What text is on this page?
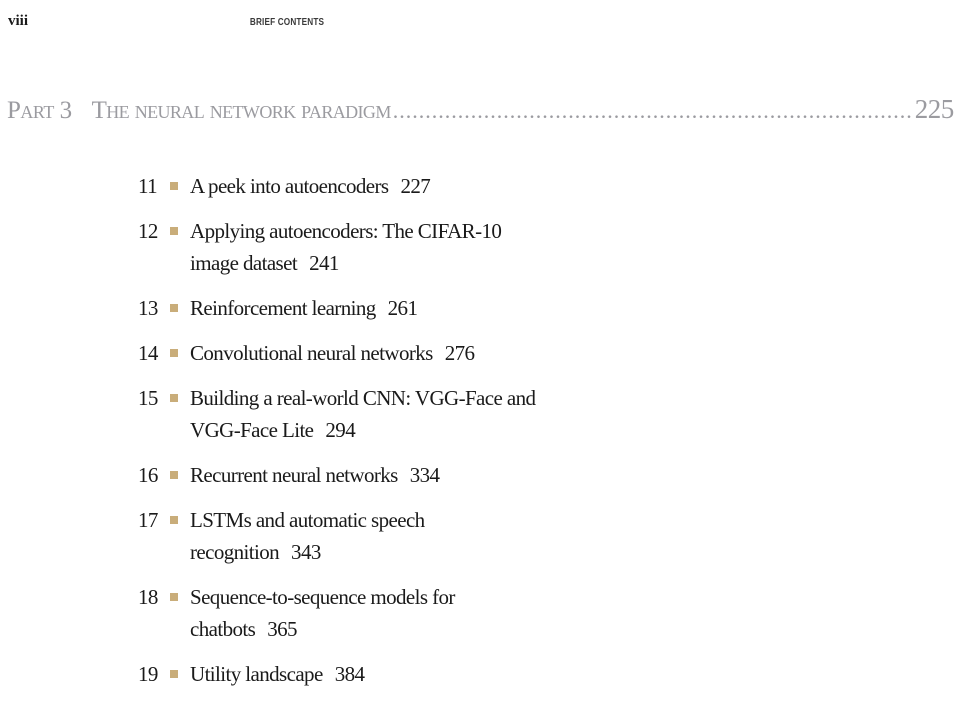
viii	BRIEF CONTENTS
Part 3 The neural network paradigm ................................................................................ 225
11 A peek into autoencoders 227
12 Applying autoencoders: The CIFAR-10 image dataset 241
13 Reinforcement learning 261
14 Convolutional neural networks 276
15 Building a real-world CNN: VGG-Face and VGG-Face Lite 294
16 Recurrent neural networks 334
17 LSTMs and automatic speech recognition 343
18 Sequence-to-sequence models for chatbots 365
19 Utility landscape 384
